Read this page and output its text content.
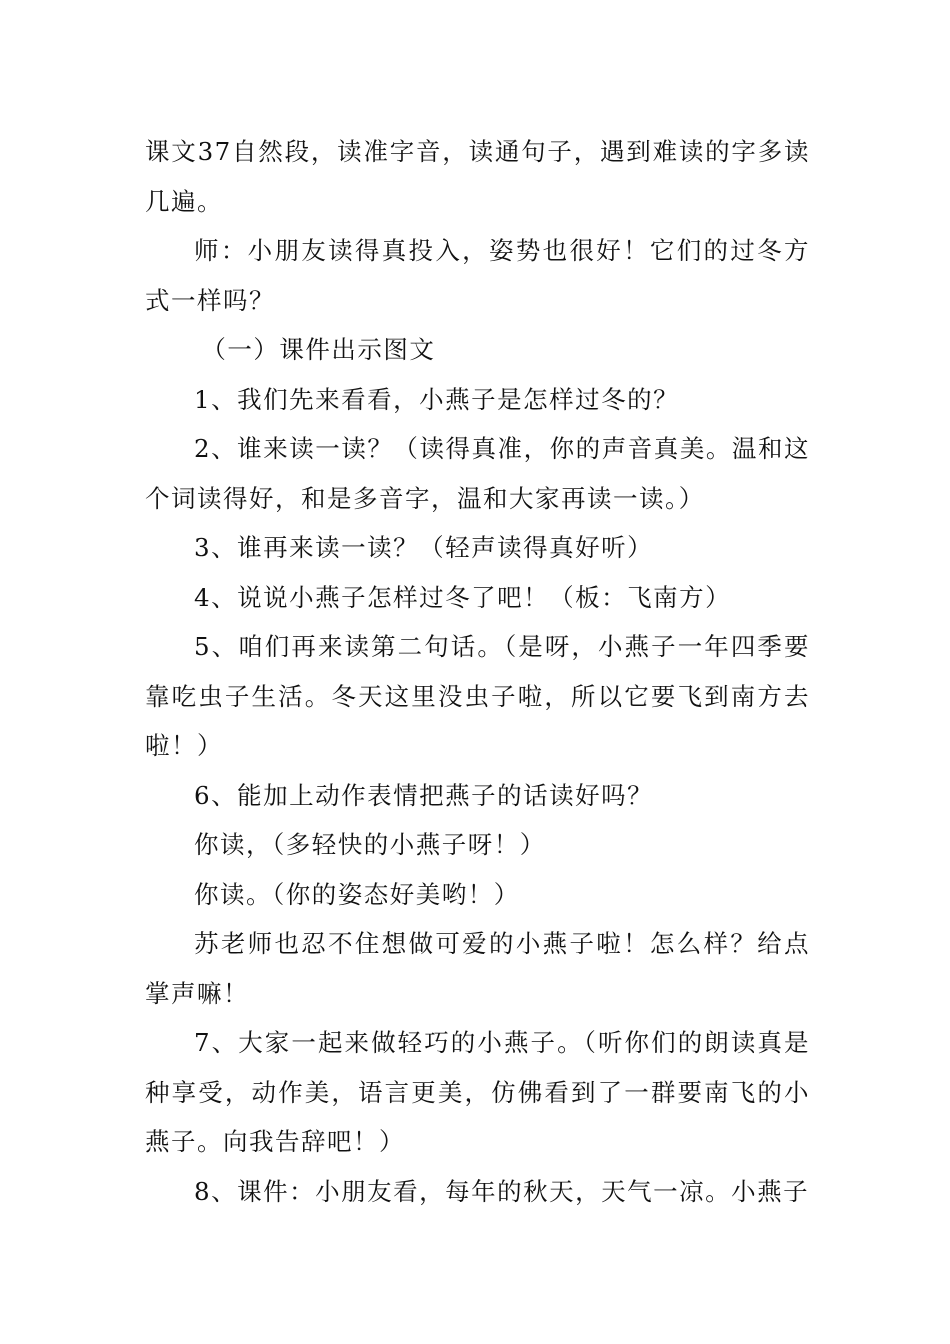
课文37自然段，读准字音，读通句子，遇到难读的字多读几遍。

师：小朋友读得真投入，姿势也很好！它们的过冬方式一样吗？

（一）课件出示图文

1、我们先来看看，小燕子是怎样过冬的？

2、谁来读一读？（读得真准，你的声音真美。温和这个词读得好，和是多音字，温和大家再读一读。）

3、谁再来读一读？（轻声读得真好听）

4、说说小燕子怎样过冬了吧！（板：飞南方）

5、咱们再来读第二句话。（是呀，小燕子一年四季要靠吃虫子生活。冬天这里没虫子啦，所以它要飞到南方去啦！）

6、能加上动作表情把燕子的话读好吗？

你读，（多轻快的小燕子呀！）

你读。（你的姿态好美哟！）

苏老师也忍不住想做可爱的小燕子啦！怎么样？给点掌声嘛！

7、大家一起来做轻巧的小燕子。（听你们的朗读真是种享受，动作美，语言更美，仿佛看到了一群要南飞的小燕子。向我告辞吧！）

8、课件：小朋友看，每年的秋天，天气一凉。小燕子
